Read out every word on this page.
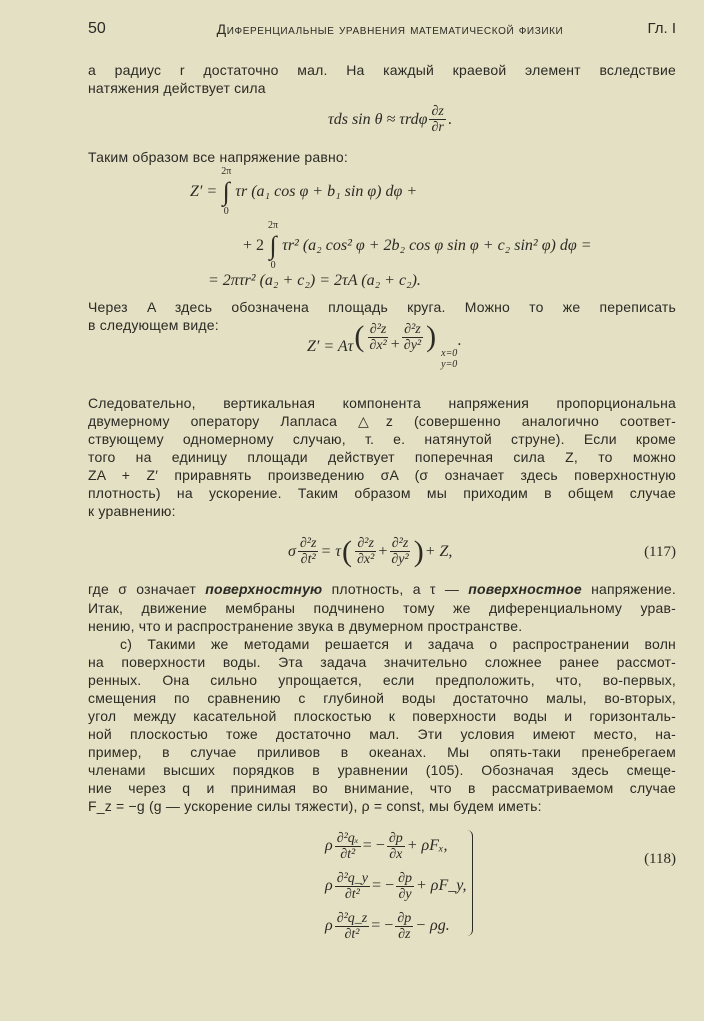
50	Диференциальные уравнения математической физики	Гл. I
а радиус r достаточно мал. На каждый краевой элемент вследствие
натяжения действует сила
Таким образом все напряжение равно:
Через A здесь обозначена площадь круга. Можно то же переписать
в следующем виде:
Следовательно, вертикальная компонента напряжения пропорциональна
двумерному оператору Лапласа △z (совершенно аналогично соответ-
ствующему одномерному случаю, т. е. натянутой струне). Если кроме
того на единицу площади действует поперечная сила Z, то можно
ZA + Z′ приравнять произведению σA (σ означает здесь поверхностную
плотность) на ускорение. Таким образом мы приходим в общем случае
к уравнению:
Итак, движение мембраны подчинено тому же диференциальному урав-
нению, что и распространение звука в двумерном пространстве.
c) Такими же методами решается и задача о распространении волн
на поверхности воды. Эта задача значительно сложнее ранее рассмот-
ренных. Она сильно упрощается, если предположить, что, во-первых,
смещения по сравнению с глубиной воды достаточно малы, во-вторых,
угол между касательной плоскостью к поверхности воды и горизонталь-
ной плоскостью тоже достаточно мал. Эти условия имеют место, на-
пример, в случае приливов в океанах. Мы опять-таки пренебрегаем
членами высших порядков в уравнении (105). Обозначая здесь смеще-
ние через q и принимая во внимание, что в рассматриваемом случае
F_z = −g (g — ускорение силы тяжести), ρ = const, мы будем иметь:
где σ означает поверхностную плотность, а τ — поверхностное напряжение.
τds sin θ ≈ τrdφ $\frac{\partial z}{\partial r}$ .
Z′ =
2π
∫
0
τr (a₁ cos φ + b₁ sin φ) dφ +
+ 2
2π
∫
0
τr² (a₂ cos² φ + 2b₂ cos φ sin φ + c₂ sin² φ) dφ =
= 2πτr² (a₂ + c₂) = 2τA (a₂ + c₂).
Z′ = Aτ ( $\frac{\text{∂²z}}{\text{∂x²}} + \frac{\text{∂²z}}{\text{∂y²}}$ )
x=0
y=0
.
σ $\frac{\text{∂²z}}{\text{∂t²}} = \tau$ ( $\frac{\text{∂²z}}{\text{∂x²}} + \frac{\text{∂²z}}{\text{∂y²}}$ ) + Z,	(117)
ρ $\frac{\text{∂²qₓ}}{\text{∂t²}}$ = − $\frac{\partial p}{\partial x} + \rho F_x$,
ρ $\frac{\text{∂²q\_y}}{\text{∂t²}}$ = − $\frac{\partial p}{\partial y}$ + ρF_y,
ρ $\frac{\text{∂²q\_z}}{\text{∂t²}}$ = − $\frac{\partial p}{\partial z} - \rho g$.
(118)
